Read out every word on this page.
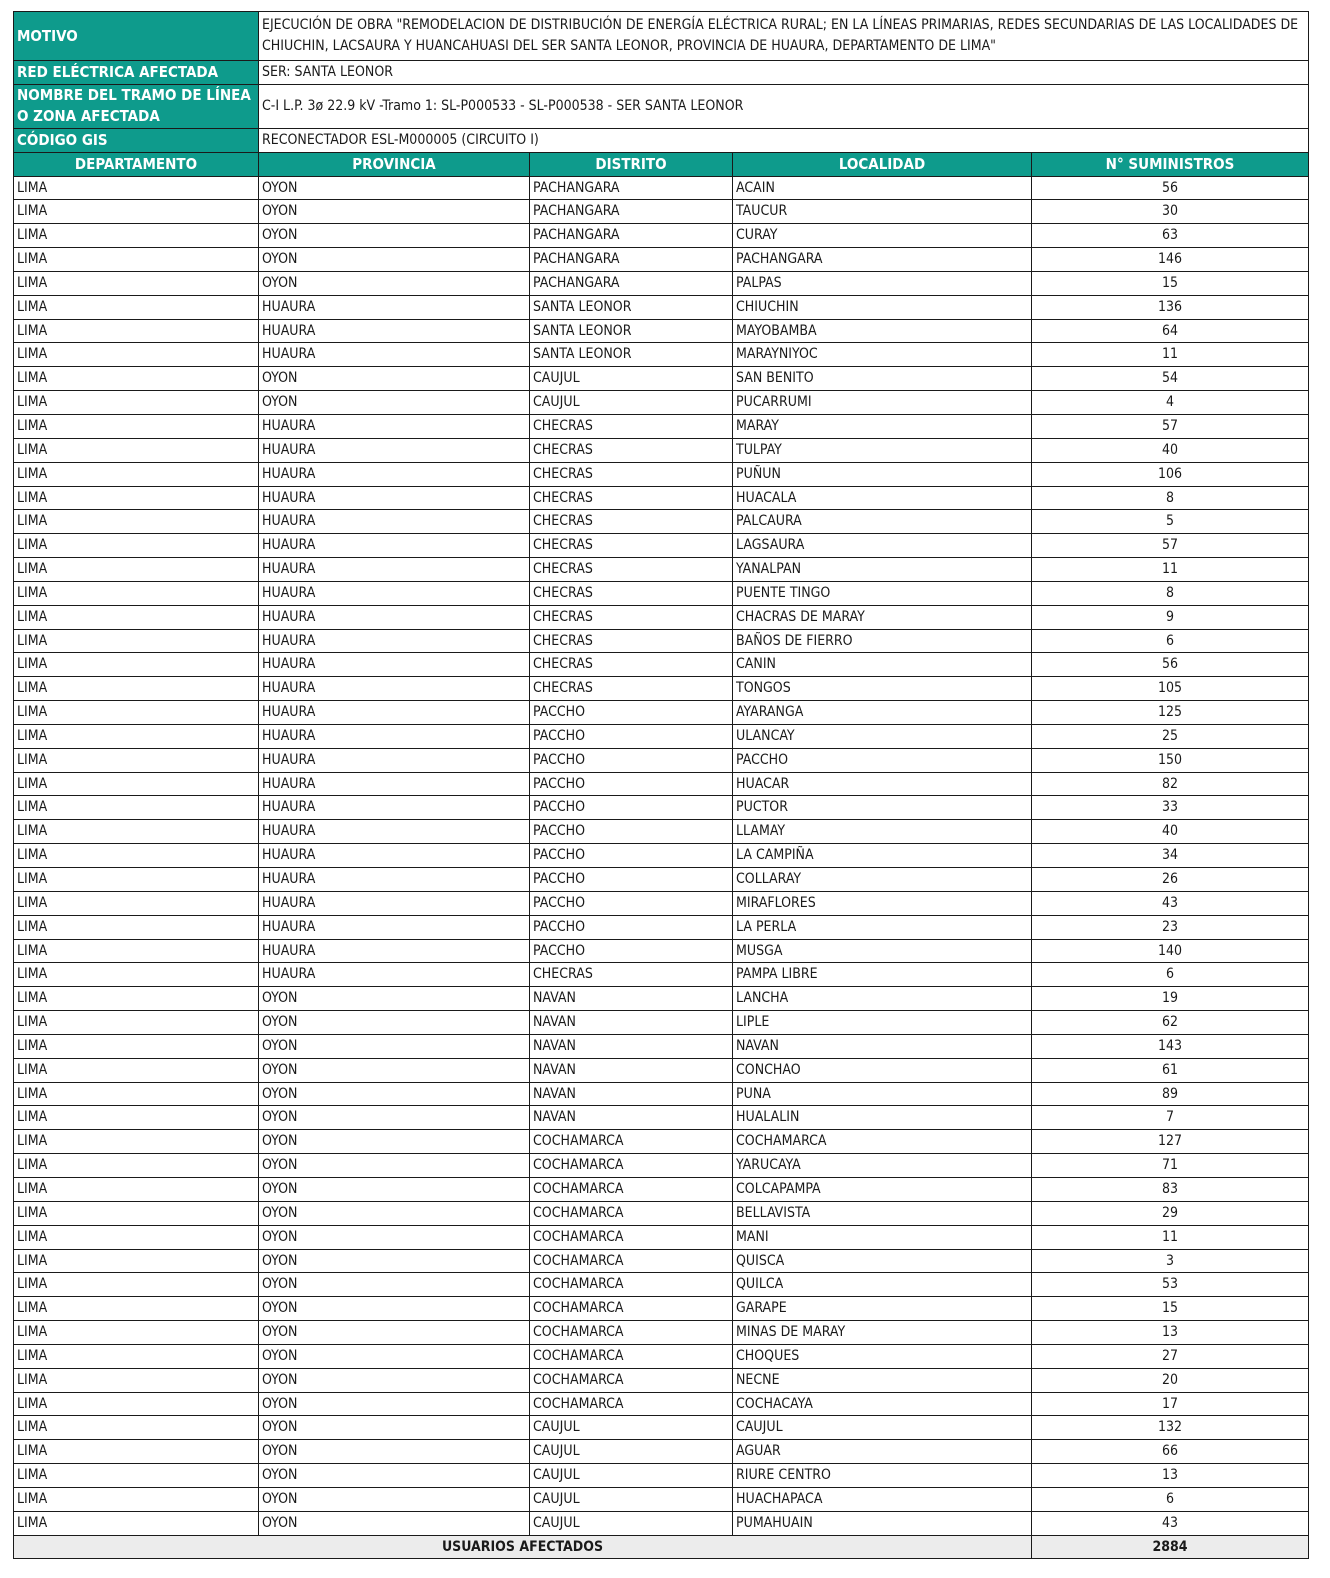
MOTIVO	EJECUCIÓN DE OBRA "REMODELACION DE DISTRIBUCIÓN DE ENERGÍA ELÉCTRICA RURAL; EN LA LÍNEAS PRIMARIAS, REDES SECUNDARIAS DE LAS LOCALIDADES DE CHIUCHIN, LACSAURA Y HUANCAHUASI DEL SER SANTA LEONOR, PROVINCIA DE HUAURA, DEPARTAMENTO DE LIMA"			
RED ELÉCTRICA AFECTADA	SER: SANTA LEONOR			
NOMBRE DEL TRAMO DE LÍNEA O ZONA AFECTADA	C-I L.P. 3ø 22.9 kV -Tramo 1: SL-P000533 - SL-P000538 - SER SANTA LEONOR			
CÓDIGO GIS	RECONECTADOR ESL-M000005 (CIRCUITO I)			
DEPARTAMENTO	PROVINCIA	DISTRITO	LOCALIDAD	N° SUMINISTROS
LIMA	OYON	PACHANGARA	ACAIN	56
LIMA	OYON	PACHANGARA	TAUCUR	30
LIMA	OYON	PACHANGARA	CURAY	63
LIMA	OYON	PACHANGARA	PACHANGARA	146
LIMA	OYON	PACHANGARA	PALPAS	15
LIMA	HUAURA	SANTA LEONOR	CHIUCHIN	136
LIMA	HUAURA	SANTA LEONOR	MAYOBAMBA	64
LIMA	HUAURA	SANTA LEONOR	MARAYNIYOC	11
LIMA	OYON	CAUJUL	SAN BENITO	54
LIMA	OYON	CAUJUL	PUCARRUMI	4
LIMA	HUAURA	CHECRAS	MARAY	57
LIMA	HUAURA	CHECRAS	TULPAY	40
LIMA	HUAURA	CHECRAS	PUÑUN	106
LIMA	HUAURA	CHECRAS	HUACALA	8
LIMA	HUAURA	CHECRAS	PALCAURA	5
LIMA	HUAURA	CHECRAS	LAGSAURA	57
LIMA	HUAURA	CHECRAS	YANALPAN	11
LIMA	HUAURA	CHECRAS	PUENTE TINGO	8
LIMA	HUAURA	CHECRAS	CHACRAS DE MARAY	9
LIMA	HUAURA	CHECRAS	BAÑOS DE FIERRO	6
LIMA	HUAURA	CHECRAS	CANIN	56
LIMA	HUAURA	CHECRAS	TONGOS	105
LIMA	HUAURA	PACCHO	AYARANGA	125
LIMA	HUAURA	PACCHO	ULANCAY	25
LIMA	HUAURA	PACCHO	PACCHO	150
LIMA	HUAURA	PACCHO	HUACAR	82
LIMA	HUAURA	PACCHO	PUCTOR	33
LIMA	HUAURA	PACCHO	LLAMAY	40
LIMA	HUAURA	PACCHO	LA CAMPIÑA	34
LIMA	HUAURA	PACCHO	COLLARAY	26
LIMA	HUAURA	PACCHO	MIRAFLORES	43
LIMA	HUAURA	PACCHO	LA PERLA	23
LIMA	HUAURA	PACCHO	MUSGA	140
LIMA	HUAURA	CHECRAS	PAMPA LIBRE	6
LIMA	OYON	NAVAN	LANCHA	19
LIMA	OYON	NAVAN	LIPLE	62
LIMA	OYON	NAVAN	NAVAN	143
LIMA	OYON	NAVAN	CONCHAO	61
LIMA	OYON	NAVAN	PUNA	89
LIMA	OYON	NAVAN	HUALALIN	7
LIMA	OYON	COCHAMARCA	COCHAMARCA	127
LIMA	OYON	COCHAMARCA	YARUCAYA	71
LIMA	OYON	COCHAMARCA	COLCAPAMPA	83
LIMA	OYON	COCHAMARCA	BELLAVISTA	29
LIMA	OYON	COCHAMARCA	MANI	11
LIMA	OYON	COCHAMARCA	QUISCA	3
LIMA	OYON	COCHAMARCA	QUILCA	53
LIMA	OYON	COCHAMARCA	GARAPE	15
LIMA	OYON	COCHAMARCA	MINAS DE MARAY	13
LIMA	OYON	COCHAMARCA	CHOQUES	27
LIMA	OYON	COCHAMARCA	NECNE	20
LIMA	OYON	COCHAMARCA	COCHACAYA	17
LIMA	OYON	CAUJUL	CAUJUL	132
LIMA	OYON	CAUJUL	AGUAR	66
LIMA	OYON	CAUJUL	RIURE CENTRO	13
LIMA	OYON	CAUJUL	HUACHAPACA	6
LIMA	OYON	CAUJUL	PUMAHUAIN	43
USUARIOS AFECTADOS				2884
